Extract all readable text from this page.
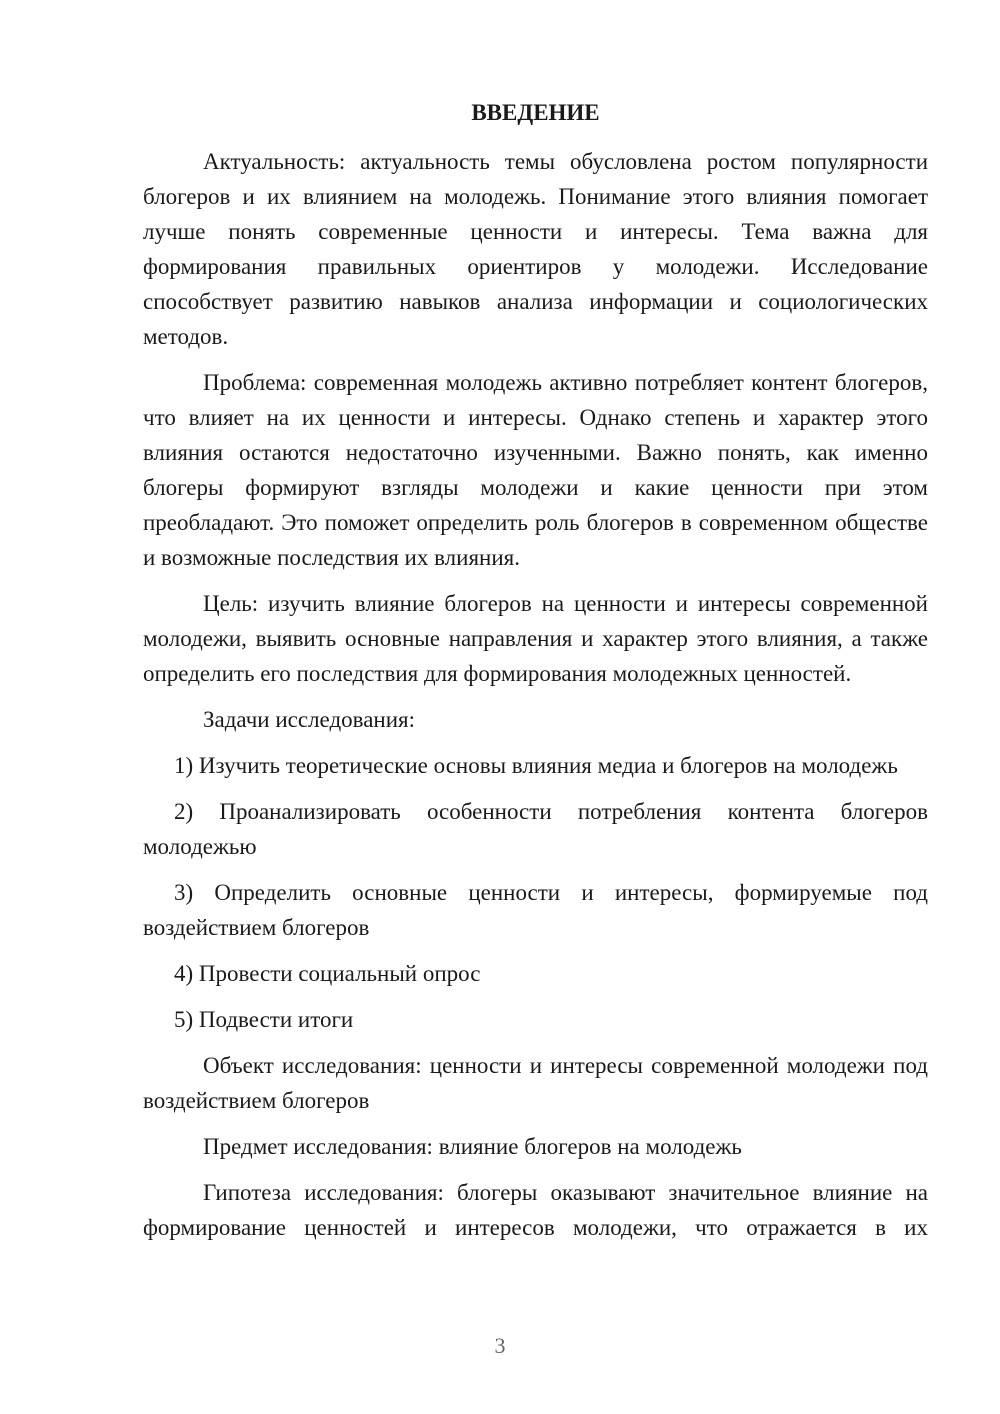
ВВЕДЕНИЕ

Актуальность: актуальность темы обусловлена ростом популярности блогеров и их влиянием на молодежь. Понимание этого влияния помогает лучше понять современные ценности и интересы. Тема важна для формирования правильных ориентиров у молодежи. Исследование способствует развитию навыков анализа информации и социологических методов.

Проблема: современная молодежь активно потребляет контент блогеров, что влияет на их ценности и интересы. Однако степень и характер этого влияния остаются недостаточно изученными. Важно понять, как именно блогеры формируют взгляды молодежи и какие ценности при этом преобладают. Это поможет определить роль блогеров в современном обществе и возможные последствия их влияния.

Цель: изучить влияние блогеров на ценности и интересы современной молодежи, выявить основные направления и характер этого влияния, а также определить его последствия для формирования молодежных ценностей.

Задачи исследования:

1) Изучить теоретические основы влияния медиа и блогеров на молодежь

2) Проанализировать особенности потребления контента блогеров молодежью

3) Определить основные ценности и интересы, формируемые под воздействием блогеров

4) Провести социальный опрос

5) Подвести итоги

Объект исследования: ценности и интересы современной молодежи под воздействием блогеров

Предмет исследования: влияние блогеров на молодежь

Гипотеза исследования: блогеры оказывают значительное влияние на формирование ценностей и интересов молодежи, что отражается в их

3
